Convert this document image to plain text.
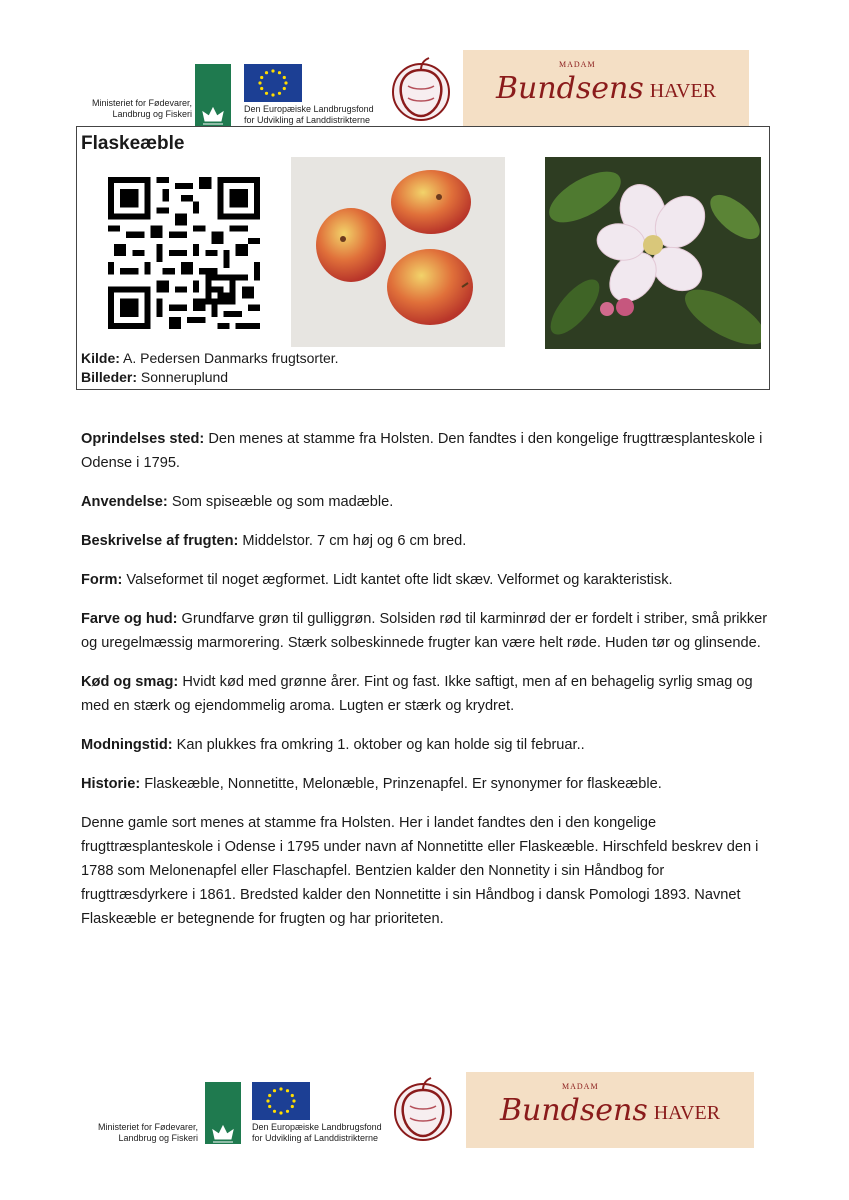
Ministeriet for Fødevarer,
Landbrug og Fiskeri	Den Europæiske Landbrugsfond
for Udvikling af Landdistrikterne
MADAM
Bundsens HAVER
Flaskeæble
Kilde: A. Pedersen Danmarks frugtsorter.
Billeder: Sonneruplund

Oprindelses sted: Den menes at stamme fra Holsten. Den fandtes i den kongelige frugttræsplanteskole i Odense i 1795.

Anvendelse: Som spiseæble og som madæble.

Beskrivelse af frugten: Middelstor. 7 cm høj og 6 cm bred.

Form: Valseformet til noget ægformet. Lidt kantet ofte lidt skæv. Velformet og karakteristisk.

Farve og hud: Grundfarve grøn til gulliggrøn. Solsiden rød til karminrød der er fordelt i striber, små prikker og uregelmæssig marmorering. Stærk solbeskinnede frugter kan være helt røde. Huden tør og glinsende.

Kød og smag: Hvidt kød med grønne årer. Fint og fast. Ikke saftigt, men af en behagelig syrlig smag og med en stærk og ejendommelig aroma. Lugten er stærk og krydret.

Modningstid: Kan plukkes fra omkring 1. oktober og kan holde sig til februar..

Historie: Flaskeæble, Nonnetitte, Melonæble, Prinzenapfel. Er synonymer for flaskeæble.

Denne gamle sort menes at stamme fra Holsten. Her i landet fandtes den i den kongelige frugttræsplanteskole i Odense i 1795 under navn af Nonnetitte eller Flaskeæble. Hirschfeld beskrev den i 1788 som Melonenapfel eller Flaschapfel. Bentzien kalder den Nonnetity i sin Håndbog for frugttræsdyrkere i 1861. Bredsted kalder den Nonnetitte i sin Håndbog i dansk Pomologi 1893. Navnet Flaskeæble er betegnende for frugten og har prioriteten.

Ministeriet for Fødevarer,
Landbrug og Fiskeri
Den Europæiske Landbrugsfond
for Udvikling af Landdistrikterne
MADAM
Bundsens HAVER
